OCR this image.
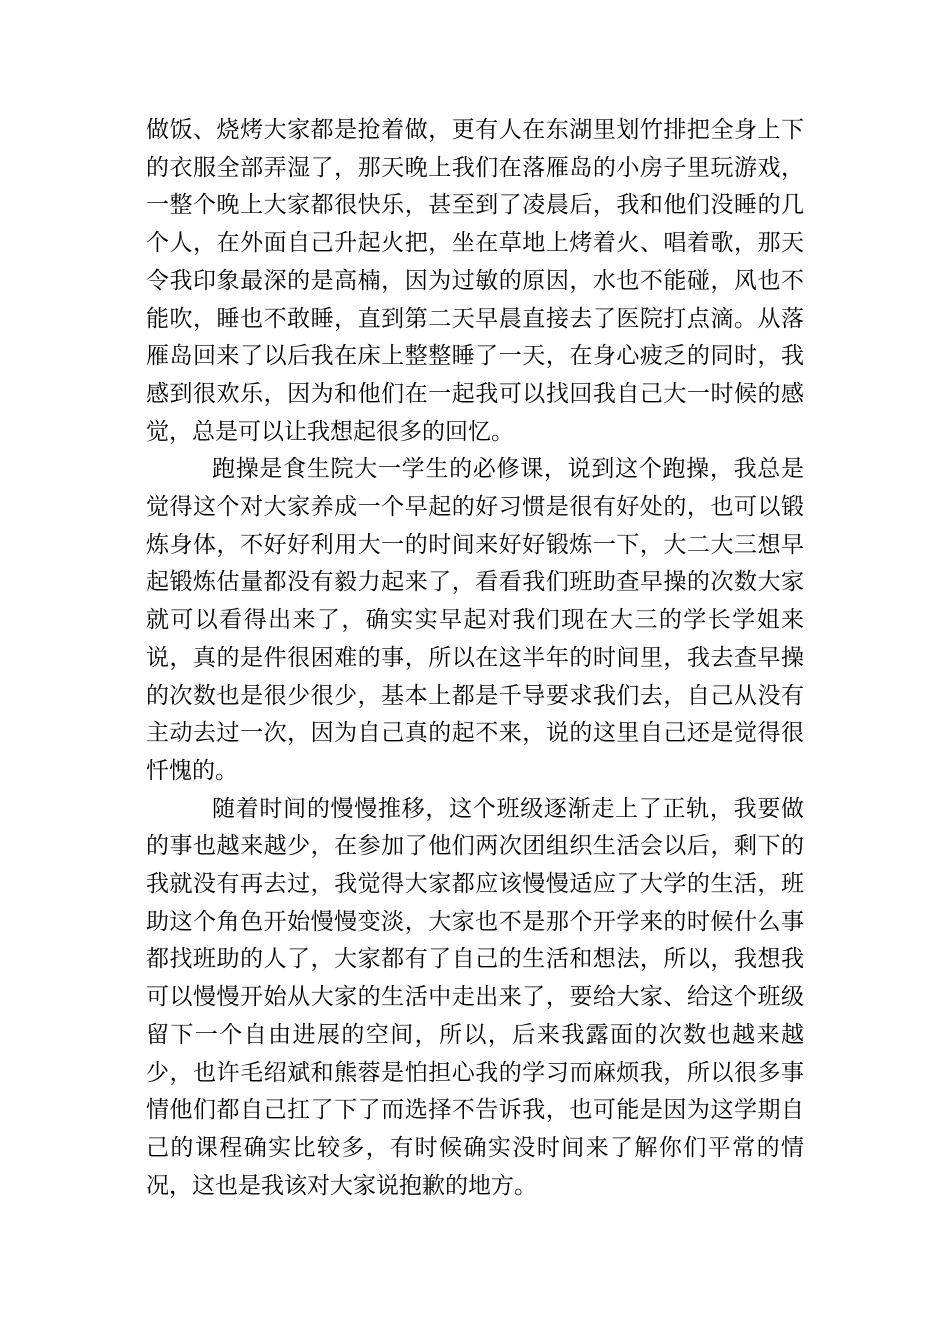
做饭、烧烤大家都是抢着做，更有人在东湖里划竹排把全身上下的衣服全部弄湿了，那天晚上我们在落雁岛的小房子里玩游戏，一整个晚上大家都很快乐，甚至到了凌晨后，我和他们没睡的几个人，在外面自己升起火把，坐在草地上烤着火、唱着歌，那天令我印象最深的是高楠，因为过敏的原因，水也不能碰，风也不能吹，睡也不敢睡，直到第二天早晨直接去了医院打点滴。从落雁岛回来了以后我在床上整整睡了一天，在身心疲乏的同时，我感到很欢乐，因为和他们在一起我可以找回我自己大一时候的感觉，总是可以让我想起很多的回忆。

跑操是食生院大一学生的必修课，说到这个跑操，我总是觉得这个对大家养成一个早起的好习惯是很有好处的，也可以锻炼身体，不好好利用大一的时间来好好锻炼一下，大二大三想早起锻炼估量都没有毅力起来了，看看我们班助查早操的次数大家就可以看得出来了，确实实早起对我们现在大三的学长学姐来说，真的是件很困难的事，所以在这半年的时间里，我去查早操的次数也是很少很少，基本上都是千导要求我们去，自己从没有主动去过一次，因为自己真的起不来，说的这里自己还是觉得很忏愧的。

随着时间的慢慢推移，这个班级逐渐走上了正轨，我要做的事也越来越少，在参加了他们两次团组织生活会以后，剩下的我就没有再去过，我觉得大家都应该慢慢适应了大学的生活，班助这个角色开始慢慢变淡，大家也不是那个开学来的时候什么事都找班助的人了，大家都有了自己的生活和想法，所以，我想我可以慢慢开始从大家的生活中走出来了，要给大家、给这个班级留下一个自由进展的空间，所以，后来我露面的次数也越来越少，也许毛绍斌和熊蓉是怕担心我的学习而麻烦我，所以很多事情他们都自己扛了下了而选择不告诉我，也可能是因为这学期自己的课程确实比较多，有时候确实没时间来了解你们平常的情况，这也是我该对大家说抱歉的地方。
